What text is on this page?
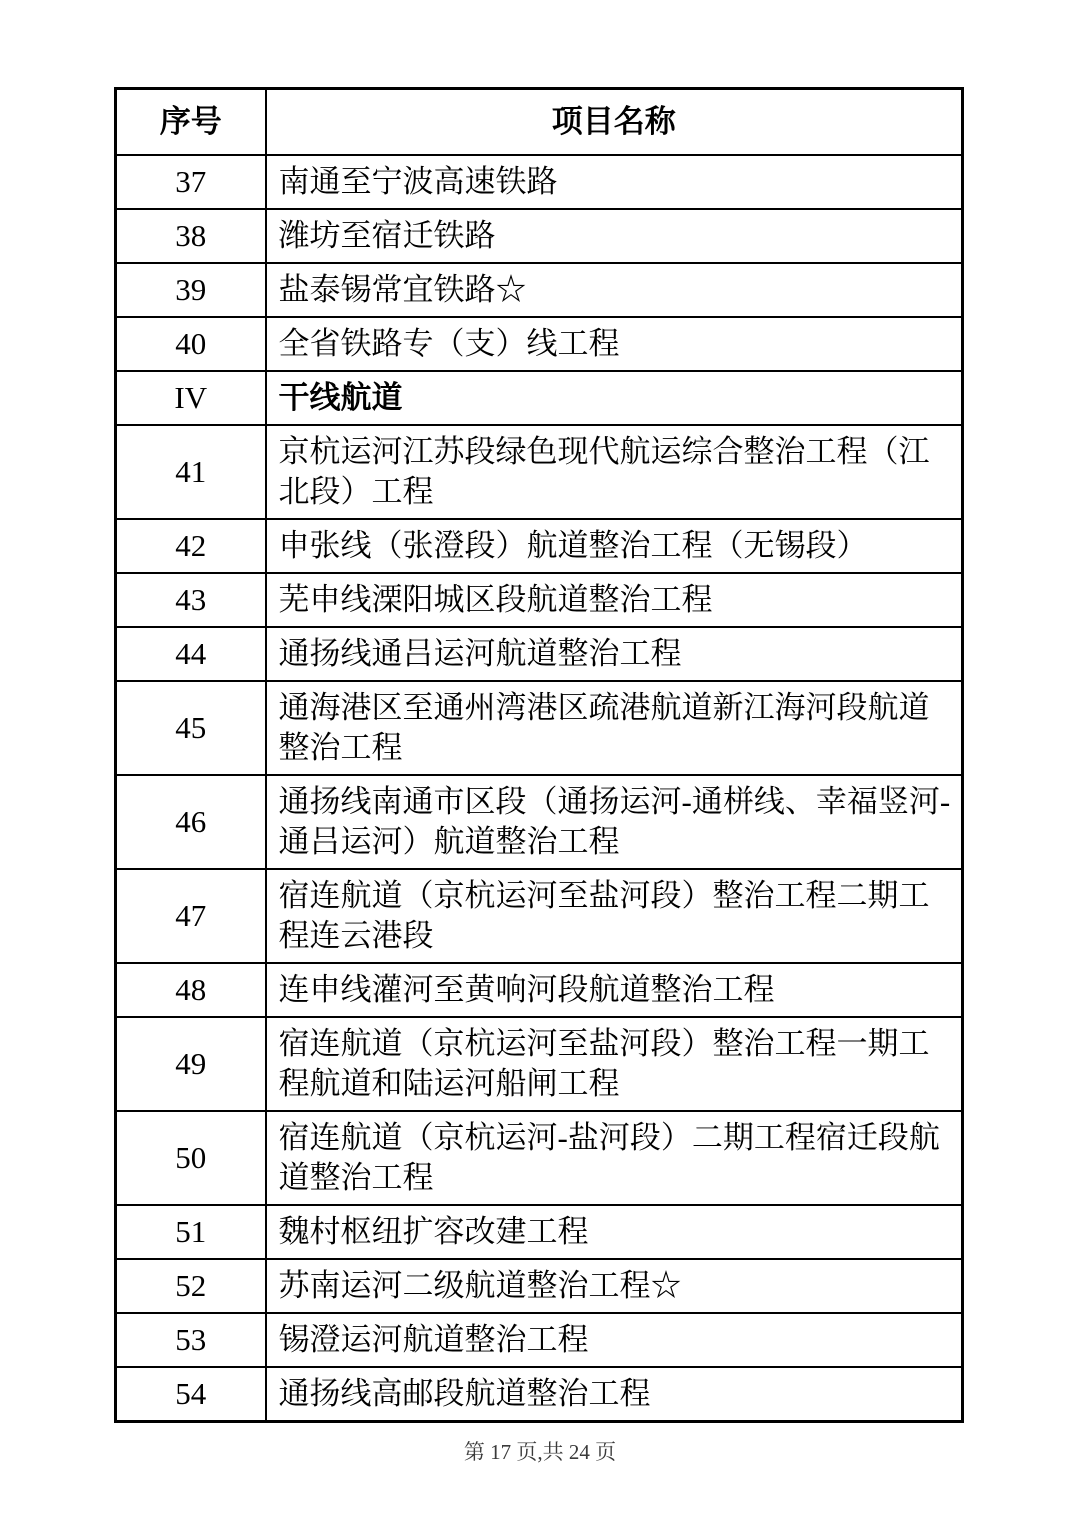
序号	项目名称
37	南通至宁波高速铁路
38	潍坊至宿迁铁路
39	盐泰锡常宜铁路☆
40	全省铁路专（支）线工程
IV	干线航道
41	京杭运河江苏段绿色现代航运综合整治工程（江北段）工程
42	申张线（张澄段）航道整治工程（无锡段）
43	芜申线溧阳城区段航道整治工程
44	通扬线通吕运河航道整治工程
45	通海港区至通州湾港区疏港航道新江海河段航道整治工程
46	通扬线南通市区段（通扬运河-通栟线、幸福竖河-通吕运河）航道整治工程
47	宿连航道（京杭运河至盐河段）整治工程二期工程连云港段
48	连申线灌河至黄响河段航道整治工程
49	宿连航道（京杭运河至盐河段）整治工程一期工程航道和陆运河船闸工程
50	宿连航道（京杭运河-盐河段）二期工程宿迁段航道整治工程
51	魏村枢纽扩容改建工程
52	苏南运河二级航道整治工程☆
53	锡澄运河航道整治工程
54	通扬线高邮段航道整治工程
第 17 页,共 24 页
